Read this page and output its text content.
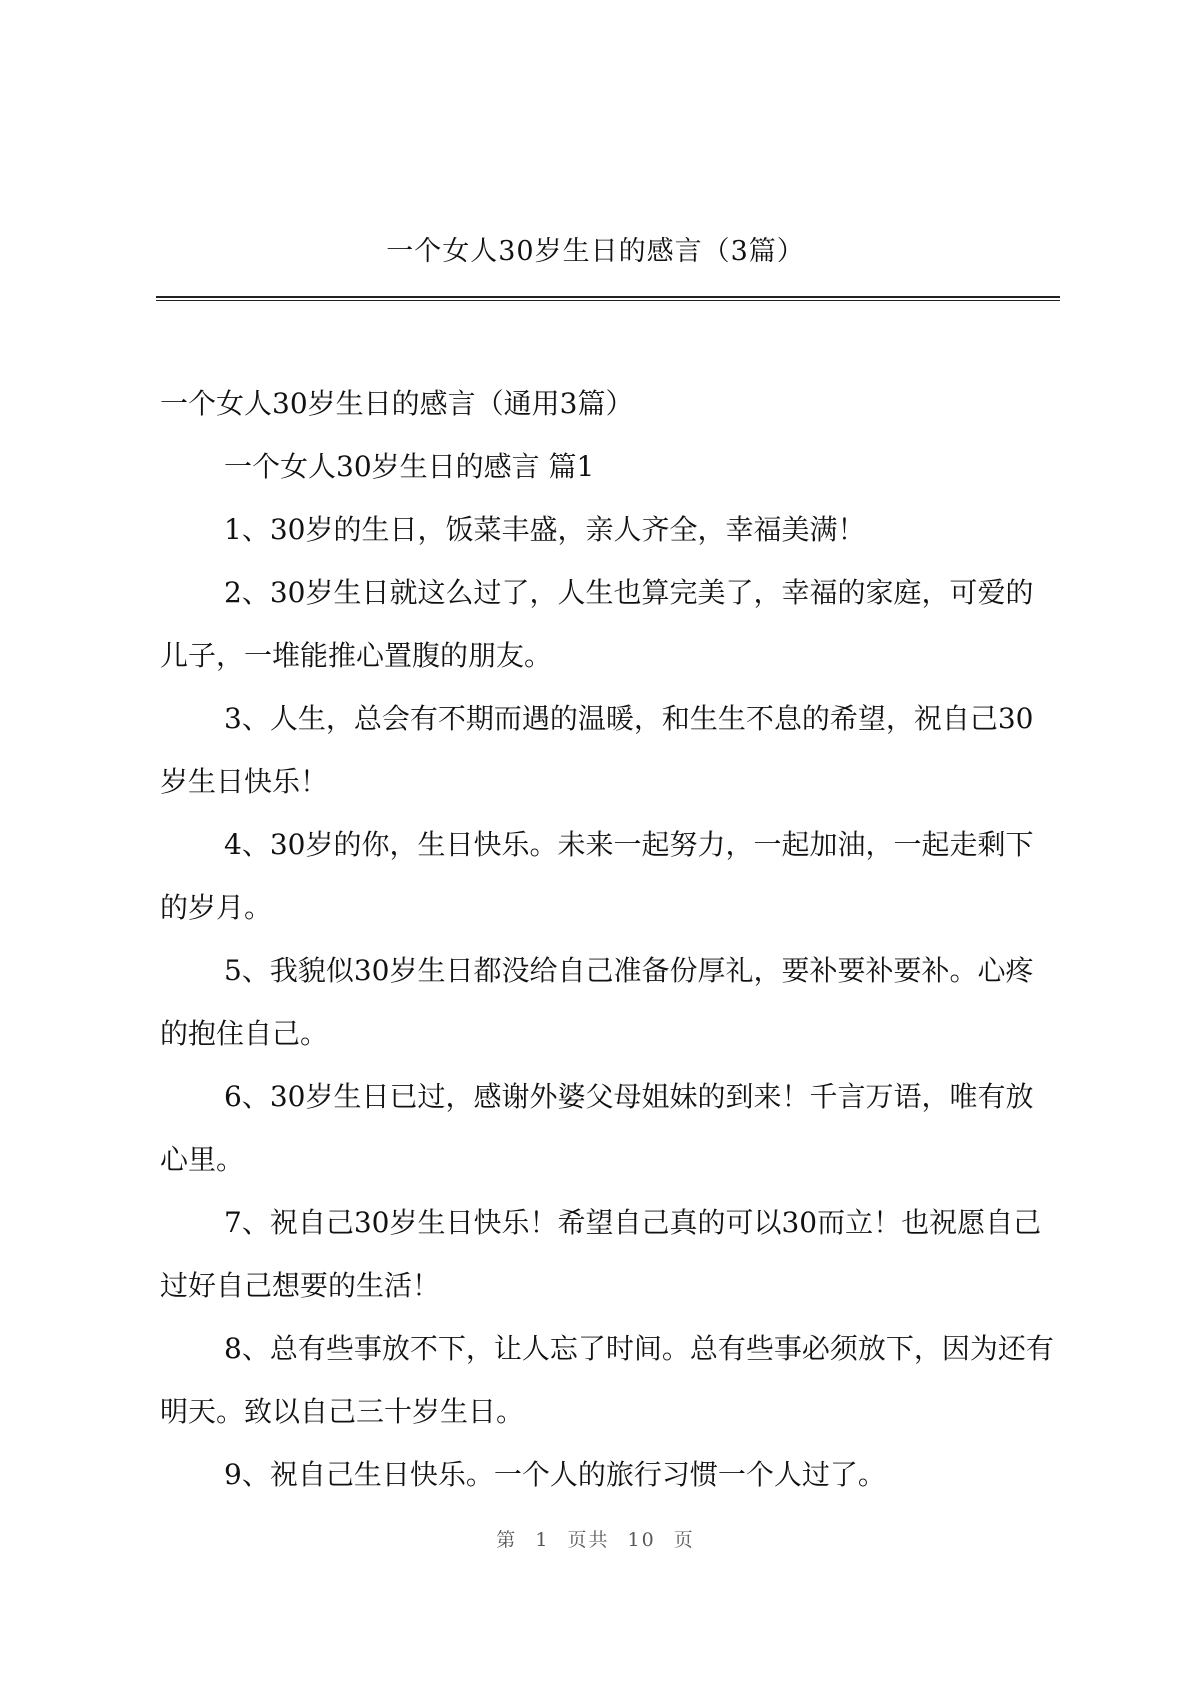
一个女人30岁生日的感言（3篇）

一个女人30岁生日的感言（通用3篇）

一个女人30岁生日的感言 篇1

1、30岁的生日，饭菜丰盛，亲人齐全，幸福美满！

2、30岁生日就这么过了，人生也算完美了，幸福的家庭，可爱的儿子，一堆能推心置腹的朋友。

3、人生，总会有不期而遇的温暖，和生生不息的希望，祝自己30岁生日快乐！

4、30岁的你，生日快乐。未来一起努力，一起加油，一起走剩下的岁月。

5、我貌似30岁生日都没给自己准备份厚礼，要补要补要补。心疼的抱住自己。

6、30岁生日已过，感谢外婆父母姐妹的到来！千言万语，唯有放心里。

7、祝自己30岁生日快乐！希望自己真的可以30而立！也祝愿自己过好自己想要的生活！

8、总有些事放不下，让人忘了时间。总有些事必须放下，因为还有明天。致以自己三十岁生日。

9、祝自己生日快乐。一个人的旅行习惯一个人过了。

第 1 页共 10 页
